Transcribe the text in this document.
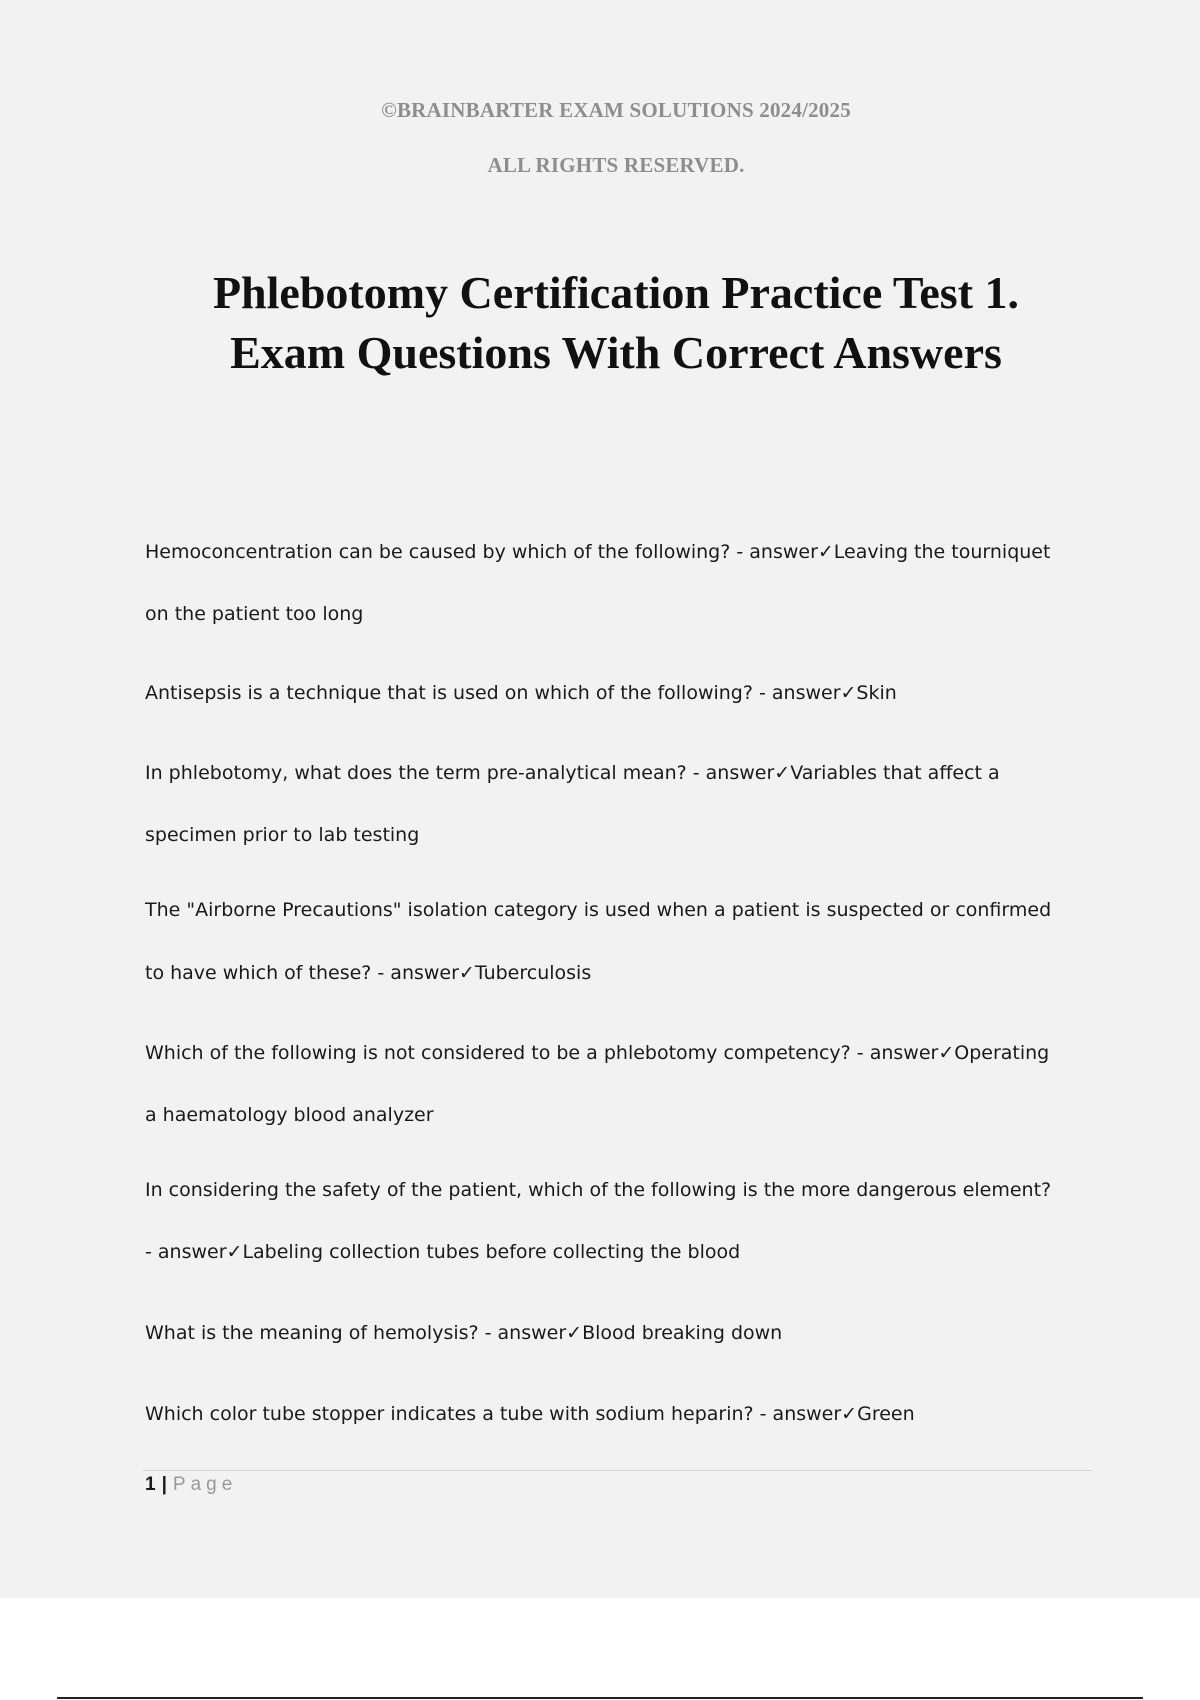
©BRAINBARTER EXAM SOLUTIONS 2024/2025
ALL RIGHTS RESERVED.
Phlebotomy Certification Practice Test 1.
Exam Questions With Correct Answers
Hemoconcentration can be caused by which of the following? - answer✓Leaving the tourniquet
on the patient too long
Antisepsis is a technique that is used on which of the following? - answer✓Skin
In phlebotomy, what does the term pre-analytical mean? - answer✓Variables that affect a
specimen prior to lab testing
The "Airborne Precautions" isolation category is used when a patient is suspected or confirmed
to have which of these? - answer✓Tuberculosis
Which of the following is not considered to be a phlebotomy competency? - answer✓Operating
a haematology blood analyzer
In considering the safety of the patient, which of the following is the more dangerous element?
- answer✓Labeling collection tubes before collecting the blood
What is the meaning of hemolysis? - answer✓Blood breaking down
Which color tube stopper indicates a tube with sodium heparin? - answer✓Green
1 | Page
